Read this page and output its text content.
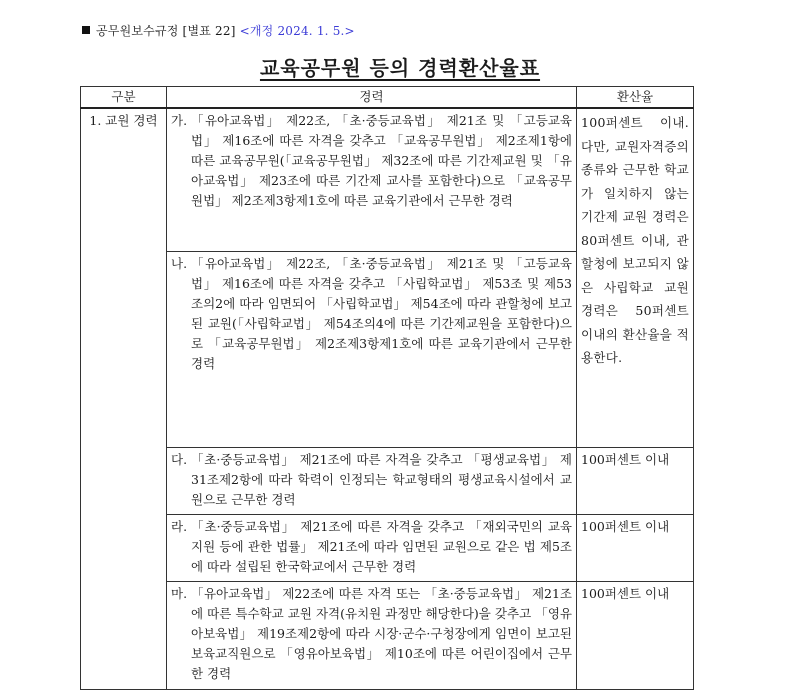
공무원보수규정 [별표 22] <개정 2024. 1. 5.>
교육공무원 등의 경력환산율표
구분	경력	환산율

1. 교원 경력	가. 「유아교육법」 제22조, 「초·중등교육법」 제21조 및 「고등교육법」 제16조에 따른 자격을 갖추고 「교육공무원법」 제2조제1항에 따른 교육공무원(「교육공무원법」 제32조에 따른 기간제교원 및 「유아교육법」 제23조에 따른 기간제 교사를 포함한다)으로 「교육공무원법」 제2조제3항제1호에 따른 교육기관에서 근무한 경력	100퍼센트 이내. 다만, 교원자격증의 종류와 근무한 학교가 일치하지 않는 기간제 교원 경력은 80퍼센트 이내, 관할청에 보고되지 않은 사립학교 교원 경력은 50퍼센트 이내의 환산율을 적용한다.

	나. 「유아교육법」 제22조, 「초·중등교육법」 제21조 및 「고등교육법」 제16조에 따른 자격을 갖추고 「사립학교법」 제53조 및 제53조의2에 따라 임면되어 「사립학교법」 제54조에 따라 관할청에 보고된 교원(「사립학교법」 제54조의4에 따른 기간제교원을 포함한다)으로 「교육공무원법」 제2조제3항제1호에 따른 교육기관에서 근무한 경력	

	다. 「초·중등교육법」 제21조에 따른 자격을 갖추고 「평생교육법」 제31조제2항에 따라 학력이 인정되는 학교형태의 평생교육시설에서 교원으로 근무한 경력	100퍼센트 이내

	라. 「초·중등교육법」 제21조에 따른 자격을 갖추고 「재외국민의 교육지원 등에 관한 법률」 제21조에 따라 임면된 교원으로 같은 법 제5조에 따라 설립된 한국학교에서 근무한 경력	100퍼센트 이내

	마. 「유아교육법」 제22조에 따른 자격 또는 「초·중등교육법」 제21조에 따른 특수학교 교원 자격(유치원 과정만 해당한다)을 갖추고 「영유아보육법」 제19조제2항에 따라 시장·군수·구청장에게 임면이 보고된 보육교직원으로 「영유아보육법」 제10조에 따른 어린이집에서 근무한 경력	100퍼센트 이내
